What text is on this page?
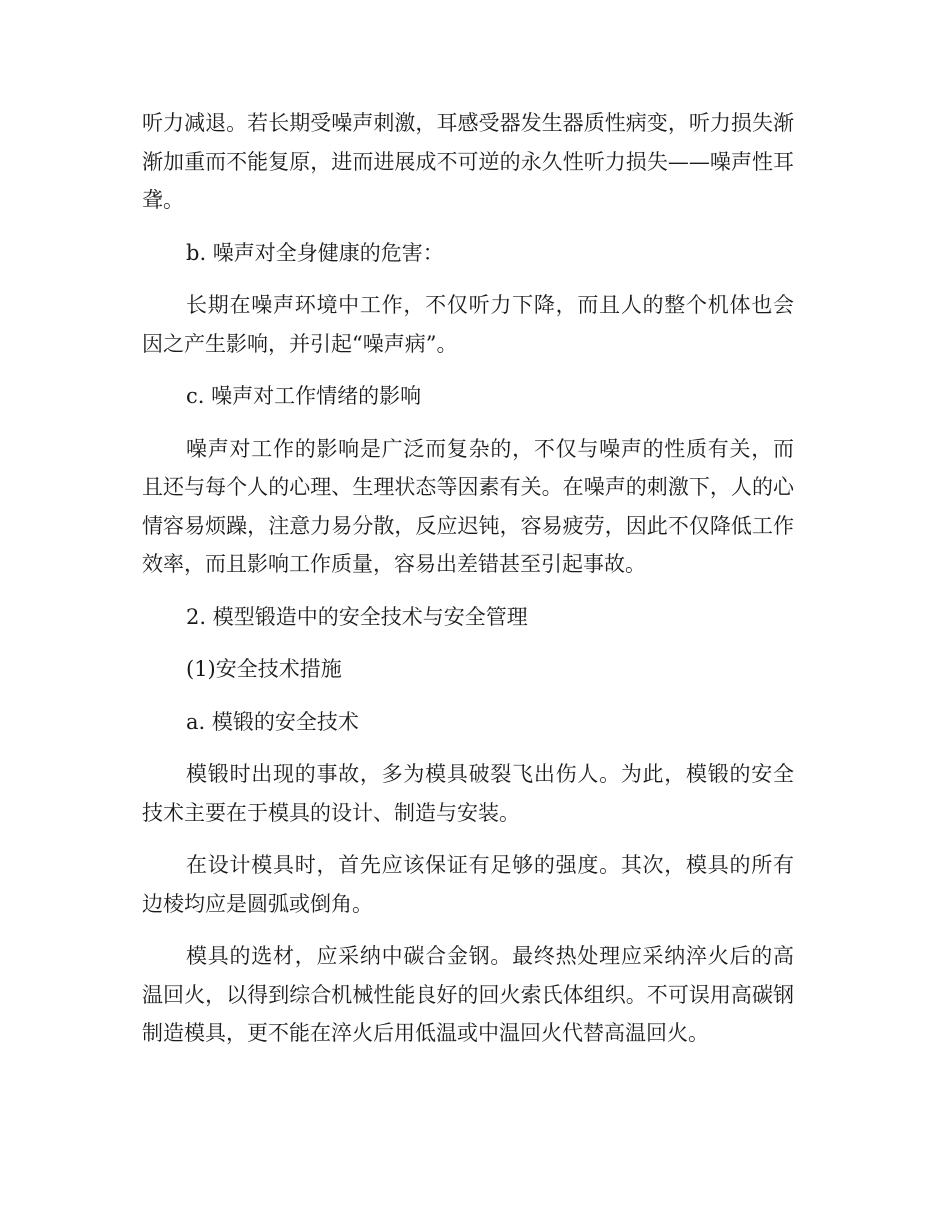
听力减退。若长期受噪声刺激，耳感受器发生器质性病变，听力损失渐渐加重而不能复原，进而进展成不可逆的永久性听力损失——噪声性耳聋。

b. 噪声对全身健康的危害：

长期在噪声环境中工作，不仅听力下降，而且人的整个机体也会因之产生影响，并引起“噪声病”。

c. 噪声对工作情绪的影响

噪声对工作的影响是广泛而复杂的，不仅与噪声的性质有关，而且还与每个人的心理、生理状态等因素有关。在噪声的刺激下，人的心情容易烦躁，注意力易分散，反应迟钝，容易疲劳，因此不仅降低工作效率，而且影响工作质量，容易出差错甚至引起事故。

2. 模型锻造中的安全技术与安全管理

(1)安全技术措施

a. 模锻的安全技术

模锻时出现的事故，多为模具破裂飞出伤人。为此，模锻的安全技术主要在于模具的设计、制造与安装。

在设计模具时，首先应该保证有足够的强度。其次，模具的所有边棱均应是圆弧或倒角。

模具的选材，应采纳中碳合金钢。最终热处理应采纳淬火后的高温回火，以得到综合机械性能良好的回火索氏体组织。不可误用高碳钢制造模具，更不能在淬火后用低温或中温回火代替高温回火。
